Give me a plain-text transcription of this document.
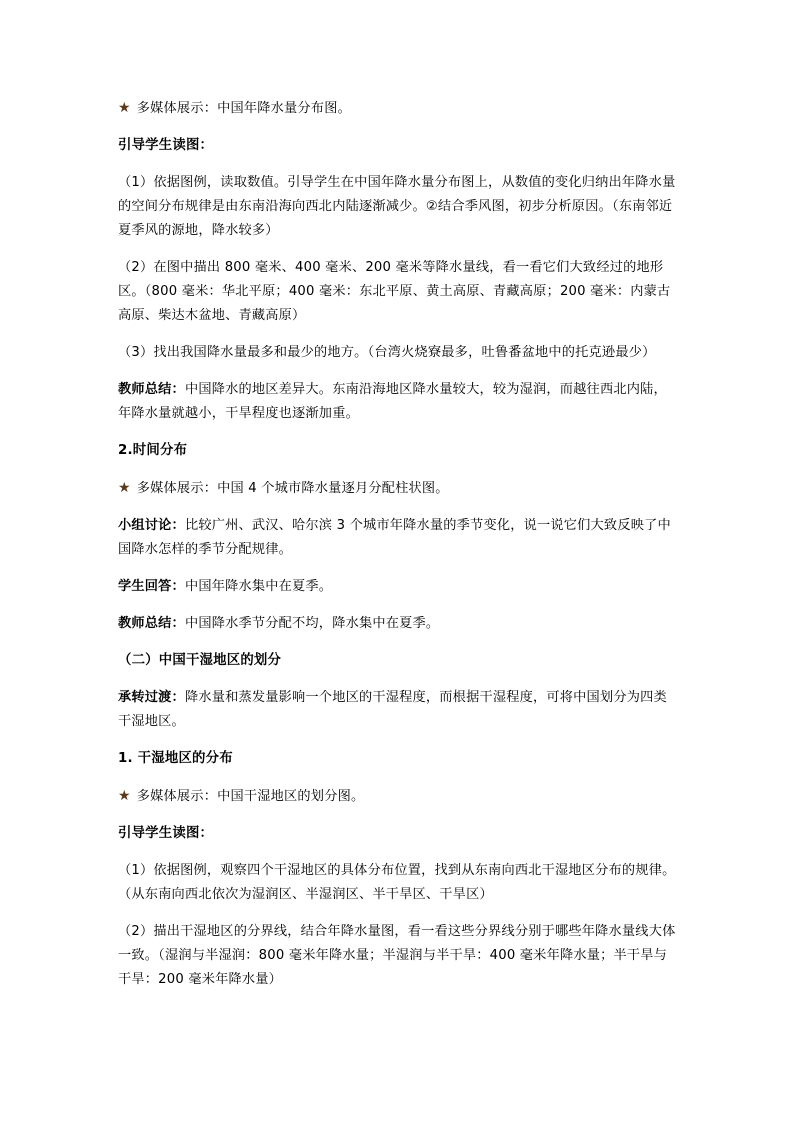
★ 多媒体展示：中国年降水量分布图。
引导学生读图：
（1）依据图例，读取数值。引导学生在中国年降水量分布图上，从数值的变化归纳出年降水量的空间分布规律是由东南沿海向西北内陆逐渐减少。②结合季风图，初步分析原因。（东南邻近夏季风的源地，降水较多）
（2）在图中描出 800 毫米、400 毫米、200 毫米等降水量线，看一看它们大致经过的地形区。（800 毫米：华北平原；400 毫米：东北平原、黄土高原、青藏高原；200 毫米：内蒙古高原、柴达木盆地、青藏高原）
（3）找出我国降水量最多和最少的地方。（台湾火烧寮最多，吐鲁番盆地中的托克逊最少）
教师总结：中国降水的地区差异大。东南沿海地区降水量较大，较为湿润，而越往西北内陆，年降水量就越小，干旱程度也逐渐加重。
2.时间分布
★ 多媒体展示：中国 4 个城市降水量逐月分配柱状图。
小组讨论：比较广州、武汉、哈尔滨 3 个城市年降水量的季节变化，说一说它们大致反映了中国降水怎样的季节分配规律。
学生回答：中国年降水集中在夏季。
教师总结：中国降水季节分配不均，降水集中在夏季。
（二）中国干湿地区的划分
承转过渡：降水量和蒸发量影响一个地区的干湿程度，而根据干湿程度，可将中国划分为四类干湿地区。
1. 干湿地区的分布
★ 多媒体展示：中国干湿地区的划分图。
引导学生读图：
（1）依据图例，观察四个干湿地区的具体分布位置，找到从东南向西北干湿地区分布的规律。（从东南向西北依次为湿润区、半湿润区、半干旱区、干旱区）
（2）描出干湿地区的分界线，结合年降水量图，看一看这些分界线分别于哪些年降水量线大体一致。（湿润与半湿润：800 毫米年降水量；半湿润与半干旱：400 毫米年降水量；半干旱与干旱：200 毫米年降水量）
